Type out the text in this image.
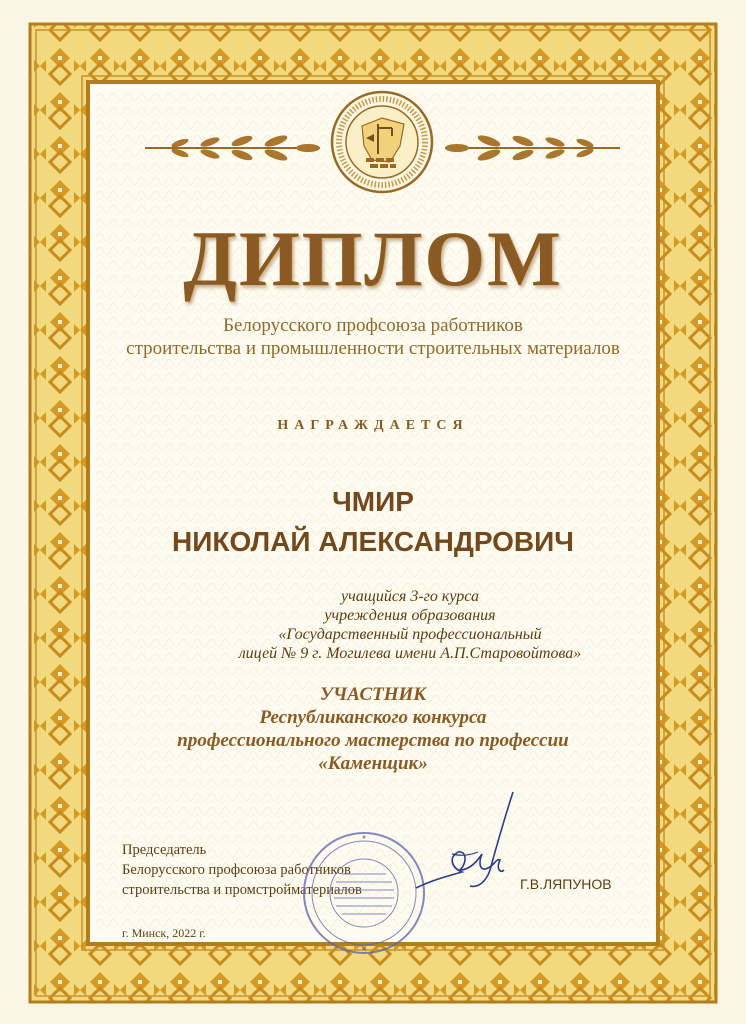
ДИПЛОМ
Белорусского профсоюза работников
строительства и промышленности строительных материалов
НАГРАЖДАЕТСЯ
ЧМИР
НИКОЛАЙ АЛЕКСАНДРОВИЧ
учащийся 3-го курса
учреждения образования
«Государственный профессиональный
лицей № 9 г. Могилева имени А.П.Старовойтова»
УЧАСТНИК
Республиканского конкурса
профессионального мастерства по профессии
«Каменщик»
Председатель
Белорусского профсоюза работников
строительства и промстройматериалов	Г.В.ЛЯПУНОВ
г. Минск, 2022 г.
